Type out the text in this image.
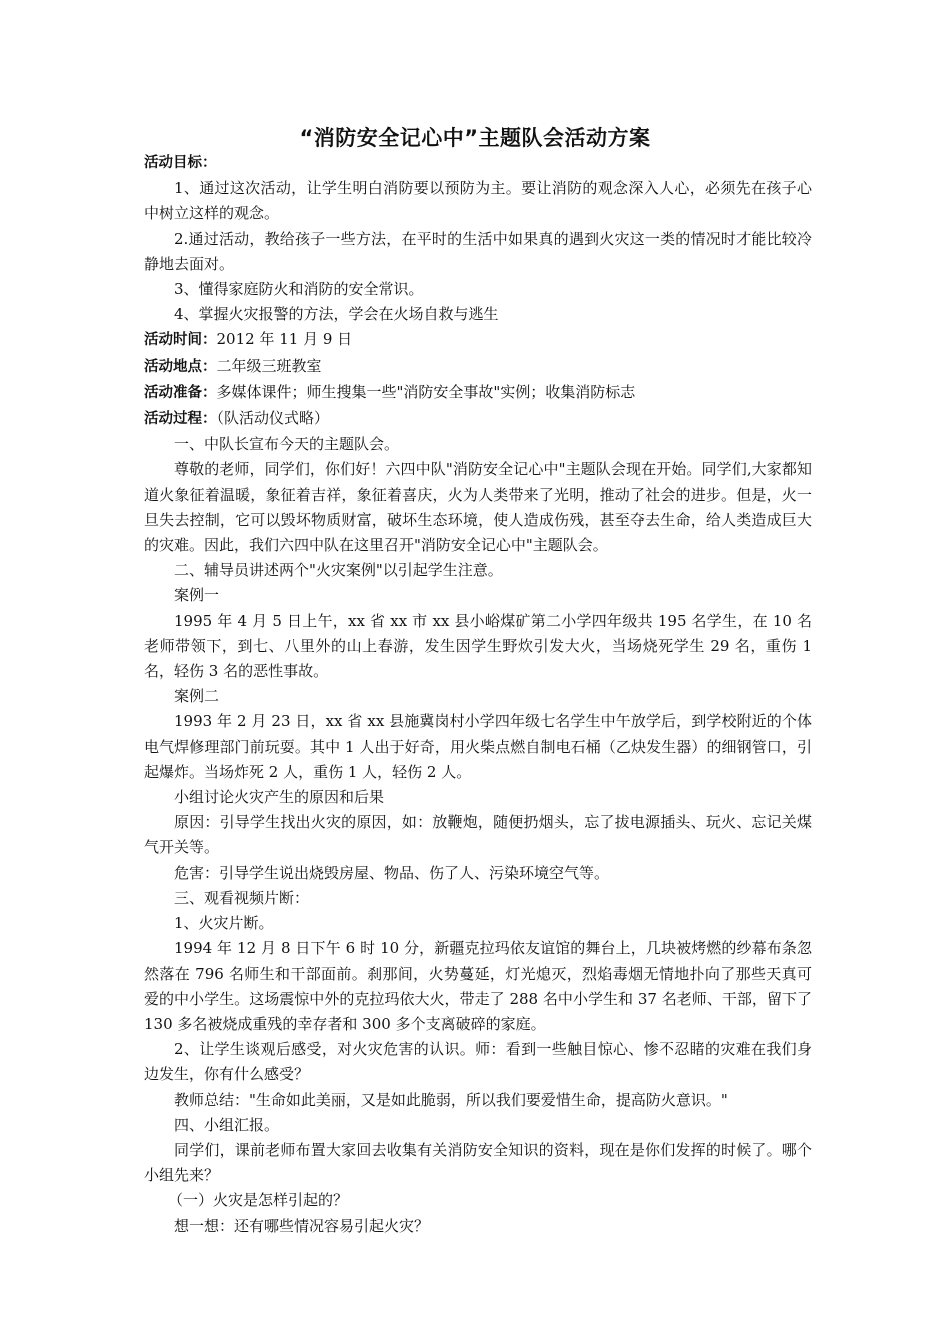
“消防安全记心中”主题队会活动方案

活动目标：

1、通过这次活动，让学生明白消防要以预防为主。要让消防的观念深入人心，必须先在孩子心中树立这样的观念。

2.通过活动，教给孩子一些方法，在平时的生活中如果真的遇到火灾这一类的情况时才能比较冷静地去面对。

3、懂得家庭防火和消防的安全常识。

4、掌握火灾报警的方法，学会在火场自救与逃生

活动时间：2012 年 11 月 9 日

活动地点：二年级三班教室

活动准备：多媒体课件；师生搜集一些"消防安全事故"实例；收集消防标志

活动过程：（队活动仪式略）

一、中队长宣布今天的主题队会。

尊敬的老师，同学们，你们好！六四中队"消防安全记心中"主题队会现在开始。同学们,大家都知道火象征着温暖，象征着吉祥，象征着喜庆，火为人类带来了光明，推动了社会的进步。但是，火一旦失去控制，它可以毁坏物质财富，破坏生态环境，使人造成伤残，甚至夺去生命，给人类造成巨大的灾难。因此，我们六四中队在这里召开"消防安全记心中"主题队会。

二、辅导员讲述两个"火灾案例"以引起学生注意。

案例一

1995 年 4 月 5 日上午，xx 省 xx 市 xx 县小峪煤矿第二小学四年级共 195 名学生，在 10 名老师带领下，到七、八里外的山上春游，发生因学生野炊引发大火，当场烧死学生 29 名，重伤 1 名，轻伤 3 名的恶性事故。

案例二

1993 年 2 月 23 日，xx 省 xx 县施冀岗村小学四年级七名学生中午放学后，到学校附近的个体电气焊修理部门前玩耍。其中 1 人出于好奇，用火柴点燃自制电石桶（乙炔发生器）的细钢管口，引起爆炸。当场炸死 2 人，重伤 1 人，轻伤 2 人。

小组讨论火灾产生的原因和后果

原因：引导学生找出火灾的原因，如：放鞭炮，随便扔烟头，忘了拔电源插头、玩火、忘记关煤气开关等。

危害：引导学生说出烧毁房屋、物品、伤了人、污染环境空气等。

三、观看视频片断：

1、火灾片断。

1994 年 12 月 8 日下午 6 时 10 分，新疆克拉玛依友谊馆的舞台上，几块被烤燃的纱幕布条忽然落在 796 名师生和干部面前。刹那间，火势蔓延，灯光熄灭，烈焰毒烟无情地扑向了那些天真可爱的中小学生。这场震惊中外的克拉玛依大火，带走了 288 名中小学生和 37 名老师、干部，留下了 130 多名被烧成重残的幸存者和 300 多个支离破碎的家庭。

2、让学生谈观后感受，对火灾危害的认识。师：看到一些触目惊心、惨不忍睹的灾难在我们身边发生，你有什么感受？

教师总结："生命如此美丽，又是如此脆弱，所以我们要爱惜生命，提高防火意识。"

四、小组汇报。

同学们，课前老师布置大家回去收集有关消防安全知识的资料，现在是你们发挥的时候了。哪个小组先来？

（一）火灾是怎样引起的？

想一想：还有哪些情况容易引起火灾？
